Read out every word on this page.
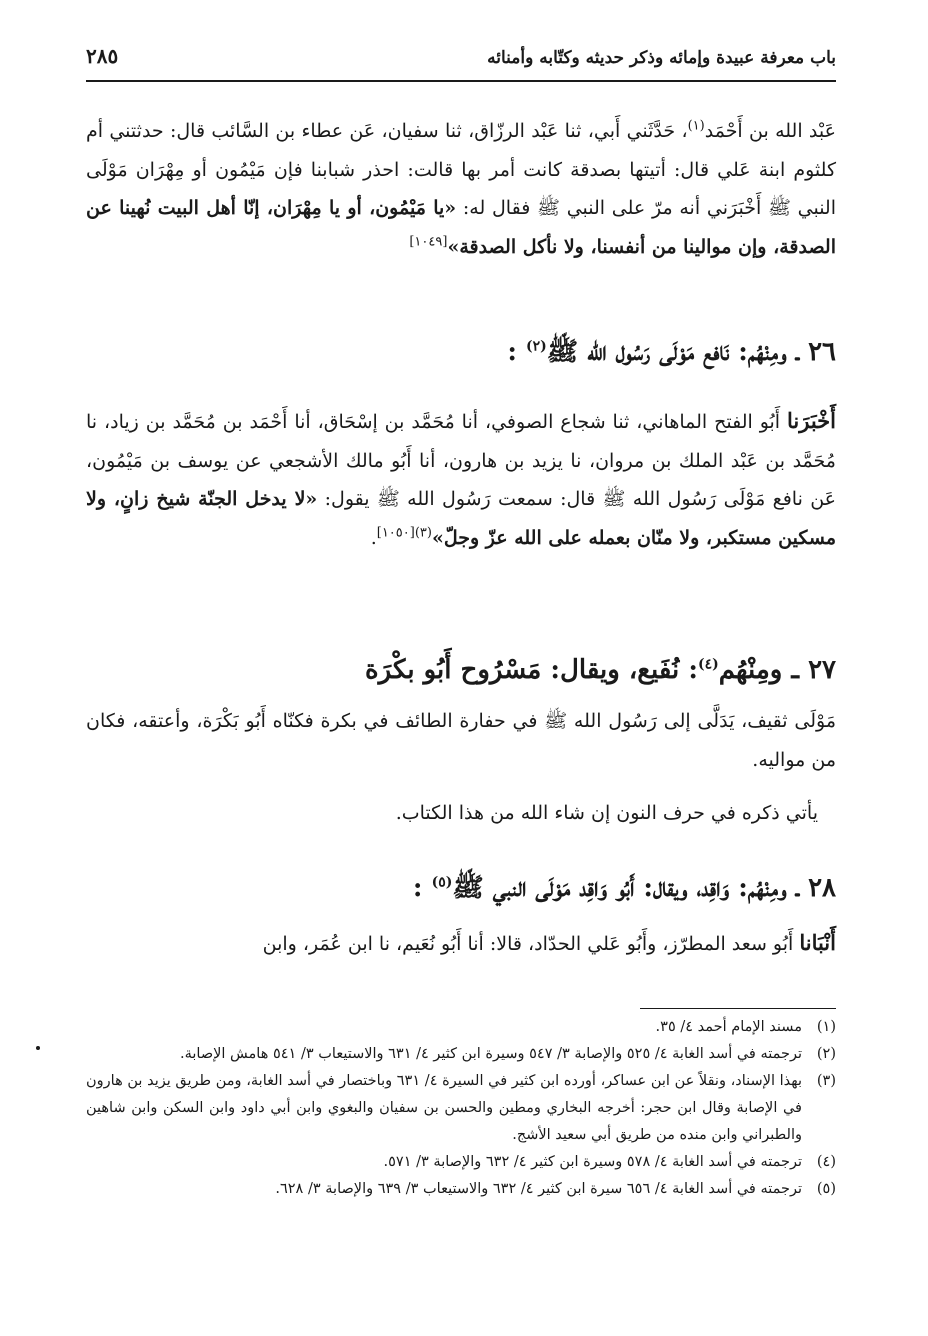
باب معرفة عبيدة وإمائه وذكر حديثه وكتّابه وأمنائه
٢٨٥

عَبْد الله بن أَحْمَد$^{(١)}$، حَدَّثَني أَبي، ثنا عَبْد الرزّاق، ثنا سفيان، عَن عطاء بن السَّائب قال: حدثتني أم كلثوم ابنة عَلي قال: أتيتها بصدقة كانت أمر بها قالت: احذر شبابنا فإن مَيْمُون أو مِهْرَان مَوْلَى النبي ﷺ أَخْبَرَني أنه مرّ على النبي ﷺ فقال له: «يا مَيْمُون، أو يا مِهْرَان، إنّا أهل البيت نُهينا عن الصدقة، وإن موالينا من أنفسنا، ولا نأكل الصدقة»[١٠٤٩]

٢٦ ـ ومِنْهُم: نَافع مَوْلَى رَسُول الله ﷺ$^{(٢)}$ :

أَخْبَرَنا أَبُو الفتح الماهاني، ثنا شجاع الصوفي، أنا مُحَمَّد بن إسْحَاق، أنا أَحْمَد بن مُحَمَّد بن زياد، نا مُحَمَّد بن عَبْد الملك بن مروان، نا يزيد بن هارون، أنا أَبُو مالك الأشجعي عن يوسف بن مَيْمُون، عَن نافع مَوْلَى رَسُول الله ﷺ قال: سمعت رَسُول الله ﷺ يقول: «لا يدخل الجنّة شيخ زانٍ، ولا مسكين مستكبر، ولا منّان بعمله على الله عزّ وجلّ»$^{(٣)[١٠٥٠]}$.

٢٧ ـ ومِنْهُم$^{(٤)}$: نُفَيع، ويقال: مَسْرُوح أَبُو بكْرَة

مَوْلَى ثقيف، يَدَلَّى إلى رَسُول الله ﷺ في حفارة الطائف في بكرة فكنّاه أَبُو بَكْرَة، وأعتقه، فكان من مواليه.

يأتي ذكره في حرف النون إن شاء الله من هذا الكتاب.

٢٨ ـ ومِنْهُم: وَاقِد، ويقال: أَبُو وَاقِد مَوْلَى النبي ﷺ$^{(٥)}$ :

أَنْبَانا أَبُو سعد المطرّز، وأَبُو عَلي الحدّاد، قالا: أنا أَبُو نُعَيم، نا ابن عُمَر، وابن

(١)
مسند الإمام أحمد ٤/ ٣٥.

(٢)
ترجمته في أسد الغابة ٤/ ٥٢٥ والإصابة ٣/ ٥٤٧ وسيرة ابن كثير ٤/ ٦٣١ والاستيعاب ٣/ ٥٤١ هامش الإصابة.

(٣)
بهذا الإسناد، ونقلاً عن ابن عساكر، أورده ابن كثير في السيرة ٤/ ٦٣١ وباختصار في أسد الغابة، ومن طريق يزيد بن هارون في الإصابة وقال ابن حجر: أخرجه البخاري ومطين والحسن بن سفيان والبغوي وابن أبي داود وابن السكن وابن شاهين والطبراني وابن منده من طريق أبي سعيد الأشج.

(٤)
ترجمته في أسد الغابة ٤/ ٥٧٨ وسيرة ابن كثير ٤/ ٦٣٢ والإصابة ٣/ ٥٧١.

(٥)
ترجمته في أسد الغابة ٤/ ٦٥٦ سيرة ابن كثير ٤/ ٦٣٢ والاستيعاب ٣/ ٦٣٩ والإصابة ٣/ ٦٢٨.
